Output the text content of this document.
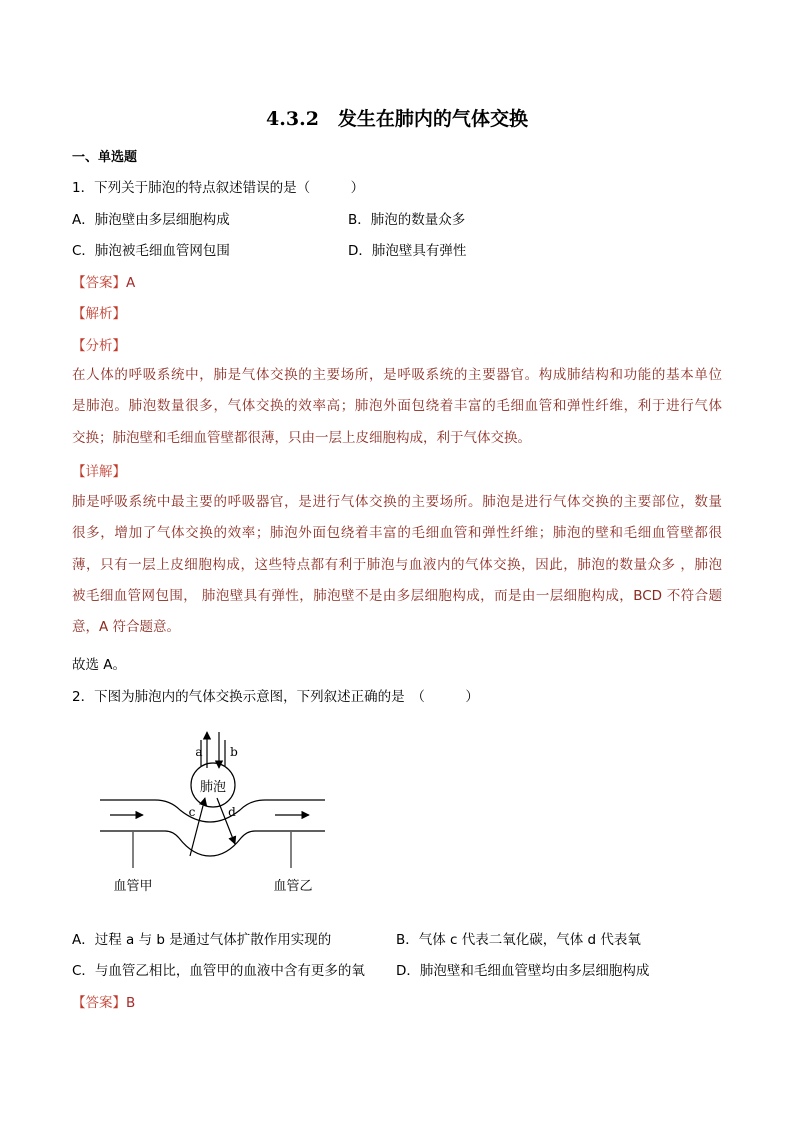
4.3.2　发生在肺内的气体交换
一、单选题
1．下列关于肺泡的特点叙述错误的是（　　　）
A．肺泡壁由多层细胞构成	B．肺泡的数量众多
C．肺泡被毛细血管网包围	D．肺泡壁具有弹性
【答案】A
【解析】
【分析】
在人体的呼吸系统中，肺是气体交换的主要场所，是呼吸系统的主要器官。构成肺结构和功能的基本单位
是肺泡。肺泡数量很多，气体交换的效率高；肺泡外面包绕着丰富的毛细血管和弹性纤维，利于进行气体
交换；肺泡壁和毛细血管壁都很薄，只由一层上皮细胞构成，利于气体交换。
【详解】
肺是呼吸系统中最主要的呼吸器官，是进行气体交换的主要场所。肺泡是进行气体交换的主要部位，数量
很多，增加了气体交换的效率；肺泡外面包绕着丰富的毛细血管和弹性纤维；肺泡的壁和毛细血管壁都很
薄，只有一层上皮细胞构成，这些特点都有利于肺泡与血液内的气体交换，因此，肺泡的数量众多 ，肺泡
被毛细血管网包围， 肺泡壁具有弹性，肺泡壁不是由多层细胞构成，而是由一层细胞构成，BCD 不符合题
意，A 符合题意。
故选 A。
2．下图为肺泡内的气体交换示意图，下列叙述正确的是　（　　　）
a b
肺泡
c	d
血管甲	血管乙
A．过程 a 与 b 是通过气体扩散作用实现的	B．气体 c 代表二氧化碳，气体 d 代表氧
C．与血管乙相比，血管甲的血液中含有更多的氧 D．肺泡壁和毛细血管壁均由多层细胞构成
【答案】B
